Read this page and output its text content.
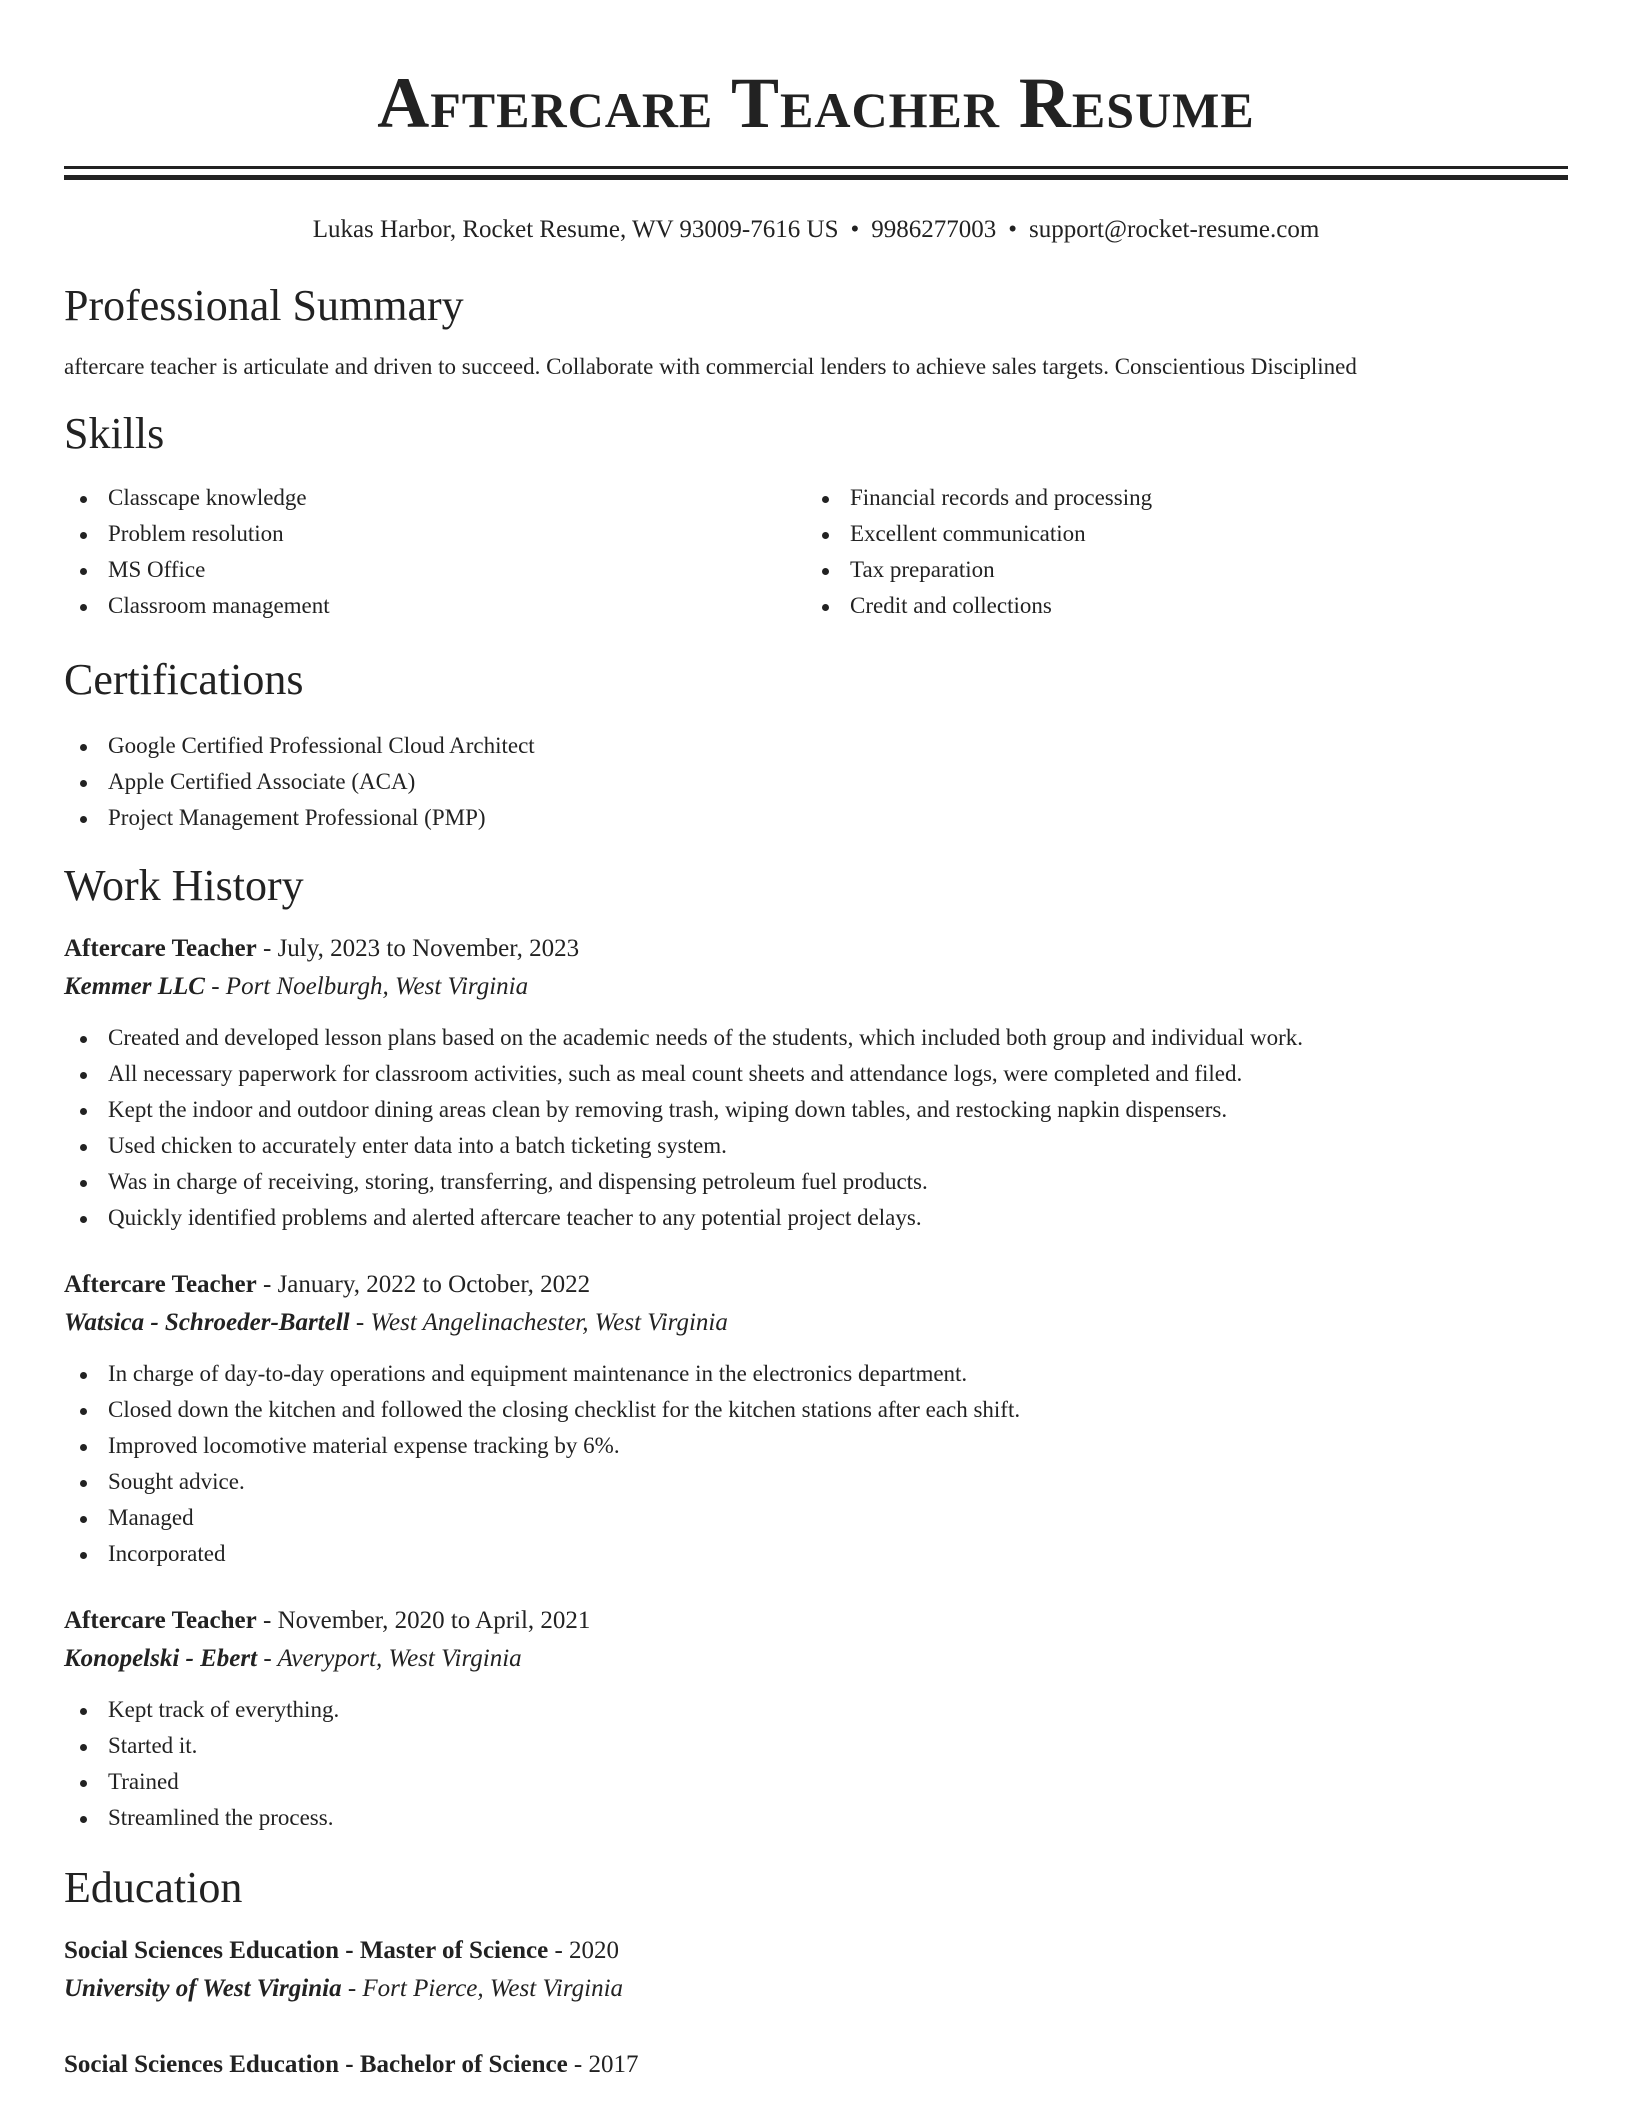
Aftercare Teacher Resume
Lukas Harbor, Rocket Resume, WV 93009-7616 US • 9986277003 • support@rocket-resume.com
Professional Summary
aftercare teacher is articulate and driven to succeed. Collaborate with commercial lenders to achieve sales targets. Conscientious Disciplined
Skills
Classcape knowledge
Problem resolution
MS Office
Classroom management
Financial records and processing
Excellent communication
Tax preparation
Credit and collections
Certifications
Google Certified Professional Cloud Architect
Apple Certified Associate (ACA)
Project Management Professional (PMP)
Work History
Aftercare Teacher - July, 2023 to November, 2023
Kemmer LLC - Port Noelburgh, West Virginia
Created and developed lesson plans based on the academic needs of the students, which included both group and individual work.
All necessary paperwork for classroom activities, such as meal count sheets and attendance logs, were completed and filed.
Kept the indoor and outdoor dining areas clean by removing trash, wiping down tables, and restocking napkin dispensers.
Used chicken to accurately enter data into a batch ticketing system.
Was in charge of receiving, storing, transferring, and dispensing petroleum fuel products.
Quickly identified problems and alerted aftercare teacher to any potential project delays.
Aftercare Teacher - January, 2022 to October, 2022
Watsica - Schroeder-Bartell - West Angelinachester, West Virginia
In charge of day-to-day operations and equipment maintenance in the electronics department.
Closed down the kitchen and followed the closing checklist for the kitchen stations after each shift.
Improved locomotive material expense tracking by 6%.
Sought advice.
Managed
Incorporated
Aftercare Teacher - November, 2020 to April, 2021
Konopelski - Ebert - Averyport, West Virginia
Kept track of everything.
Started it.
Trained
Streamlined the process.
Education
Social Sciences Education - Master of Science - 2020
University of West Virginia - Fort Pierce, West Virginia
Social Sciences Education - Bachelor of Science - 2017
